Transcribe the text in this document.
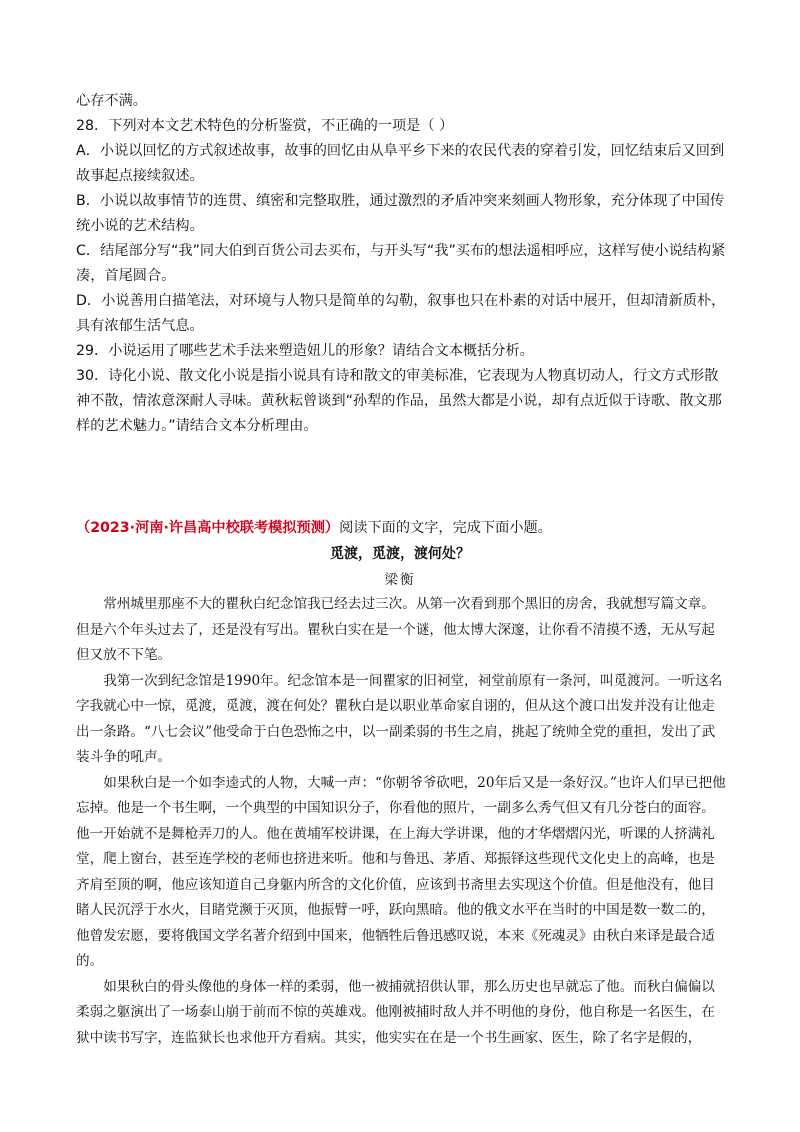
心存不满。

28．下列对本文艺术特色的分析鉴赏，不正确的一项是（ ）

A．小说以回忆的方式叙述故事，故事的回忆由从阜平乡下来的农民代表的穿着引发，回忆结束后又回到故事起点接续叙述。

B．小说以故事情节的连贯、缜密和完整取胜，通过激烈的矛盾冲突来刻画人物形象，充分体现了中国传统小说的艺术结构。

C．结尾部分写“我”同大伯到百货公司去买布，与开头写“我”买布的想法遥相呼应，这样写使小说结构紧凑，首尾圆合。

D．小说善用白描笔法，对环境与人物只是简单的勾勒，叙事也只在朴素的对话中展开，但却清新质朴，具有浓郁生活气息。

29．小说运用了哪些艺术手法来塑造妞儿的形象？请结合文本概括分析。

30．诗化小说、散文化小说是指小说具有诗和散文的审美标准，它表现为人物真切动人，行文方式形散神不散，情浓意深耐人寻味。黄秋耘曾谈到“孙犁的作品，虽然大都是小说，却有点近似于诗歌、散文那样的艺术魅力。”请结合文本分析理由。

（2023·河南·许昌高中校联考模拟预测）阅读下面的文字，完成下面小题。

觅渡，觅渡，渡何处？
梁衡

常州城里那座不大的瞿秋白纪念馆我已经去过三次。从第一次看到那个黑旧的房舍，我就想写篇文章。但是六个年头过去了，还是没有写出。瞿秋白实在是一个谜，他太博大深邃，让你看不清摸不透，无从写起但又放不下笔。

我第一次到纪念馆是1990年。纪念馆本是一间瞿家的旧祠堂，祠堂前原有一条河，叫觅渡河。一听这名字我就心中一惊，觅渡，觅渡，渡在何处？瞿秋白是以职业革命家自诩的，但从这个渡口出发并没有让他走出一条路。“八七会议”他受命于白色恐怖之中，以一副柔弱的书生之肩，挑起了统帅全党的重担，发出了武装斗争的吼声。

如果秋白是一个如李逵式的人物，大喊一声：“你朝爷爷砍吧，20年后又是一条好汉。”也许人们早已把他忘掉。他是一个书生啊，一个典型的中国知识分子，你看他的照片，一副多么秀气但又有几分苍白的面容。他一开始就不是舞枪弄刀的人。他在黄埔军校讲课，在上海大学讲课，他的才华熠熠闪光，听课的人挤满礼堂，爬上窗台，甚至连学校的老师也挤进来听。他和与鲁迅、茅盾、郑振铎这些现代文化史上的高峰，也是齐肩至顶的啊，他应该知道自己身躯内所含的文化价值，应该到书斋里去实现这个价值。但是他没有，他目睹人民沉浮于水火，目睹党濒于灭顶，他振臂一呼，跃向黑暗。他的俄文水平在当时的中国是数一数二的，他曾发宏愿，要将俄国文学名著介绍到中国来，他牺牲后鲁迅感叹说，本来《死魂灵》由秋白来译是最合适的。

如果秋白的骨头像他的身体一样的柔弱，他一被捕就招供认罪，那么历史也早就忘了他。而秋白偏偏以柔弱之躯演出了一场泰山崩于前而不惊的英雄戏。他刚被捕时敌人并不明他的身份，他自称是一名医生，在狱中读书写字，连监狱长也求他开方看病。其实，他实实在在是一个书生画家、医生，除了名字是假的，
